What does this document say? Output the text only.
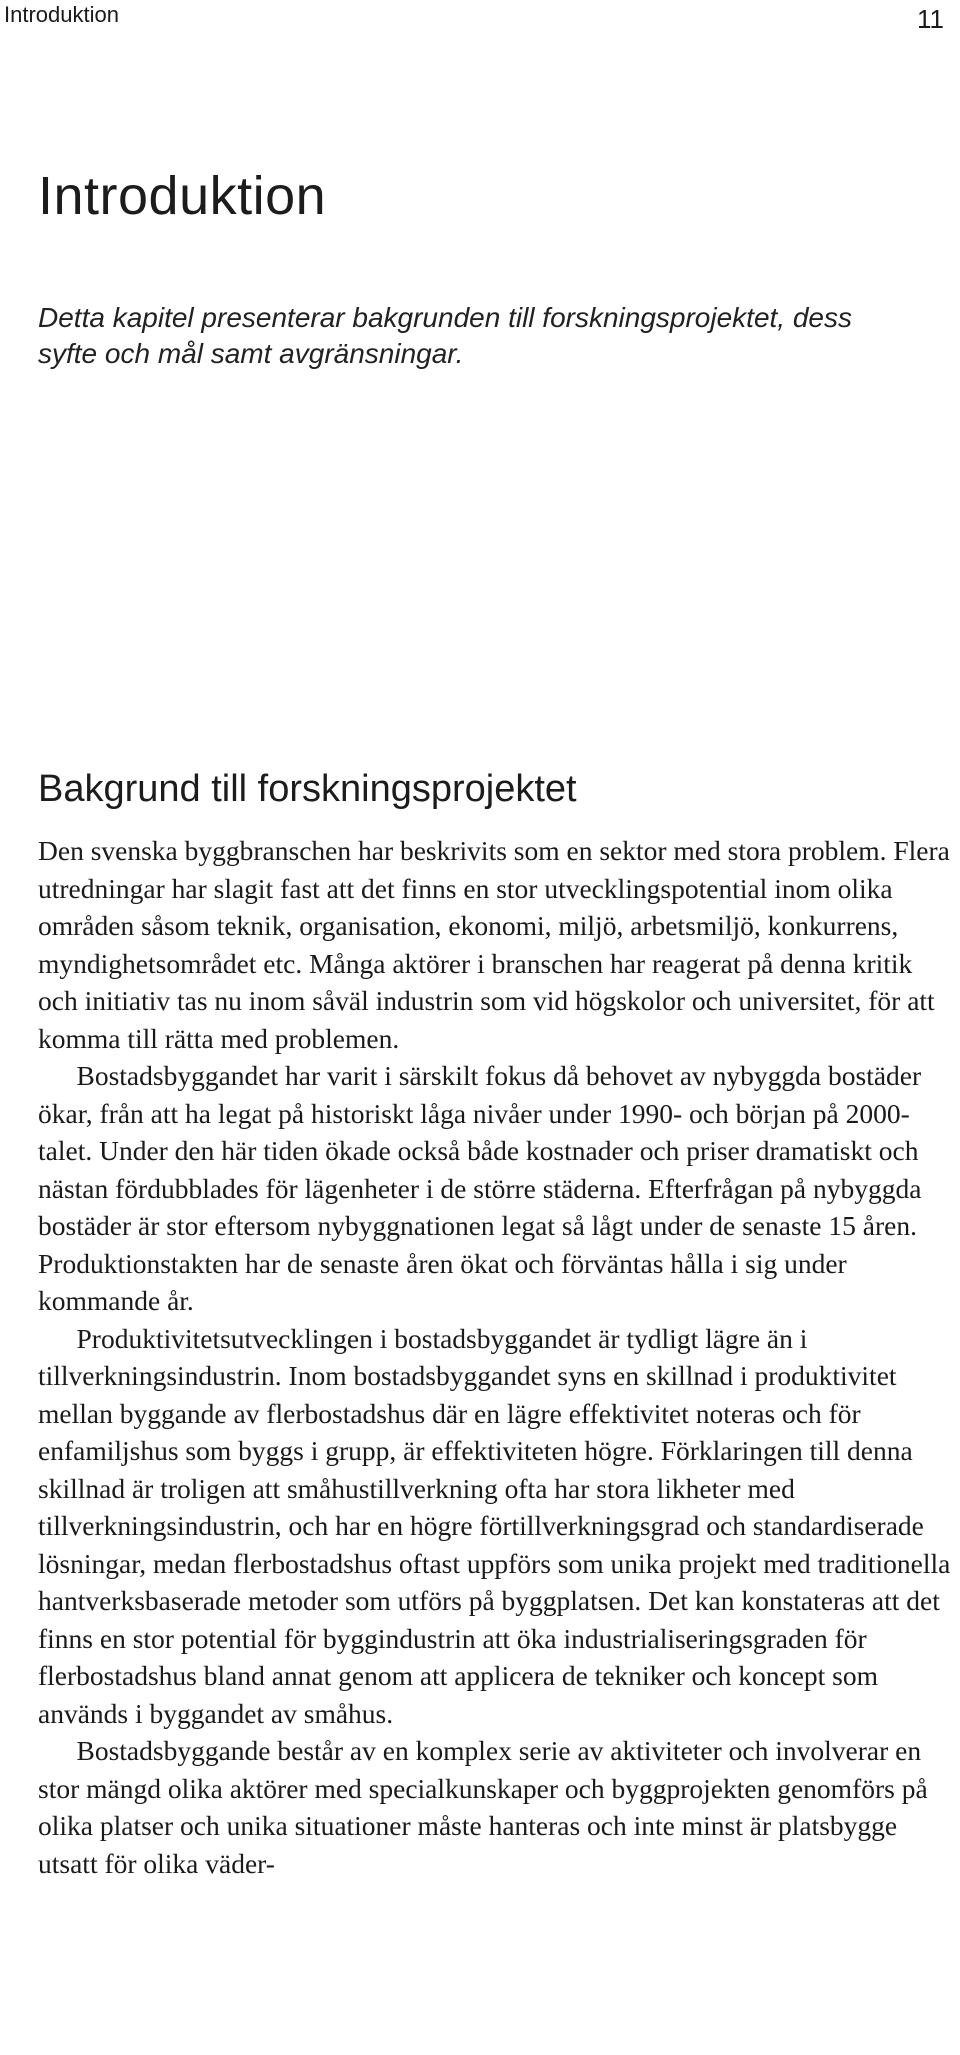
Introduktion	11
Introduktion

Detta kapitel presenterar bakgrunden till forskningsprojektet, dess syfte och mål samt avgränsningar.

Bakgrund till forskningsprojektet

Den svenska byggbranschen har beskrivits som en sektor med stora problem. Flera utredningar har slagit fast att det finns en stor utvecklingspotential inom olika områden såsom teknik, organisation, ekonomi, miljö, arbetsmiljö, konkurrens, myndighetsområdet etc. Många aktörer i branschen har reagerat på denna kritik och initiativ tas nu inom såväl industrin som vid högskolor och universitet, för att komma till rätta med problemen.

Bostadsbyggandet har varit i särskilt fokus då behovet av nybyggda bostäder ökar, från att ha legat på historiskt låga nivåer under 1990- och början på 2000-talet. Under den här tiden ökade också både kostnader och priser dramatiskt och nästan fördubblades för lägenheter i de större städerna. Efterfrågan på nybyggda bostäder är stor eftersom nybyggnationen legat så lågt under de senaste 15 åren. Produktionstakten har de senaste åren ökat och förväntas hålla i sig under kommande år.

Produktivitetsutvecklingen i bostadsbyggandet är tydligt lägre än i tillverkningsindustrin. Inom bostadsbyggandet syns en skillnad i produktivitet mellan byggande av flerbostadshus där en lägre effektivitet noteras och för enfamiljshus som byggs i grupp, är effektiviteten högre. Förklaringen till denna skillnad är troligen att småhustillverkning ofta har stora likheter med tillverkningsindustrin, och har en högre förtillverkningsgrad och standardiserade lösningar, medan flerbostadshus oftast uppförs som unika projekt med traditionella hantverksbaserade metoder som utförs på byggplatsen. Det kan konstateras att det finns en stor potential för byggindustrin att öka industrialiseringsgraden för flerbostadshus bland annat genom att applicera de tekniker och koncept som används i byggandet av småhus.

Bostadsbyggande består av en komplex serie av aktiviteter och involverar en stor mängd olika aktörer med specialkunskaper och byggprojekten genomförs på olika platser och unika situationer måste hanteras och inte minst är platsbygge utsatt för olika väder-
